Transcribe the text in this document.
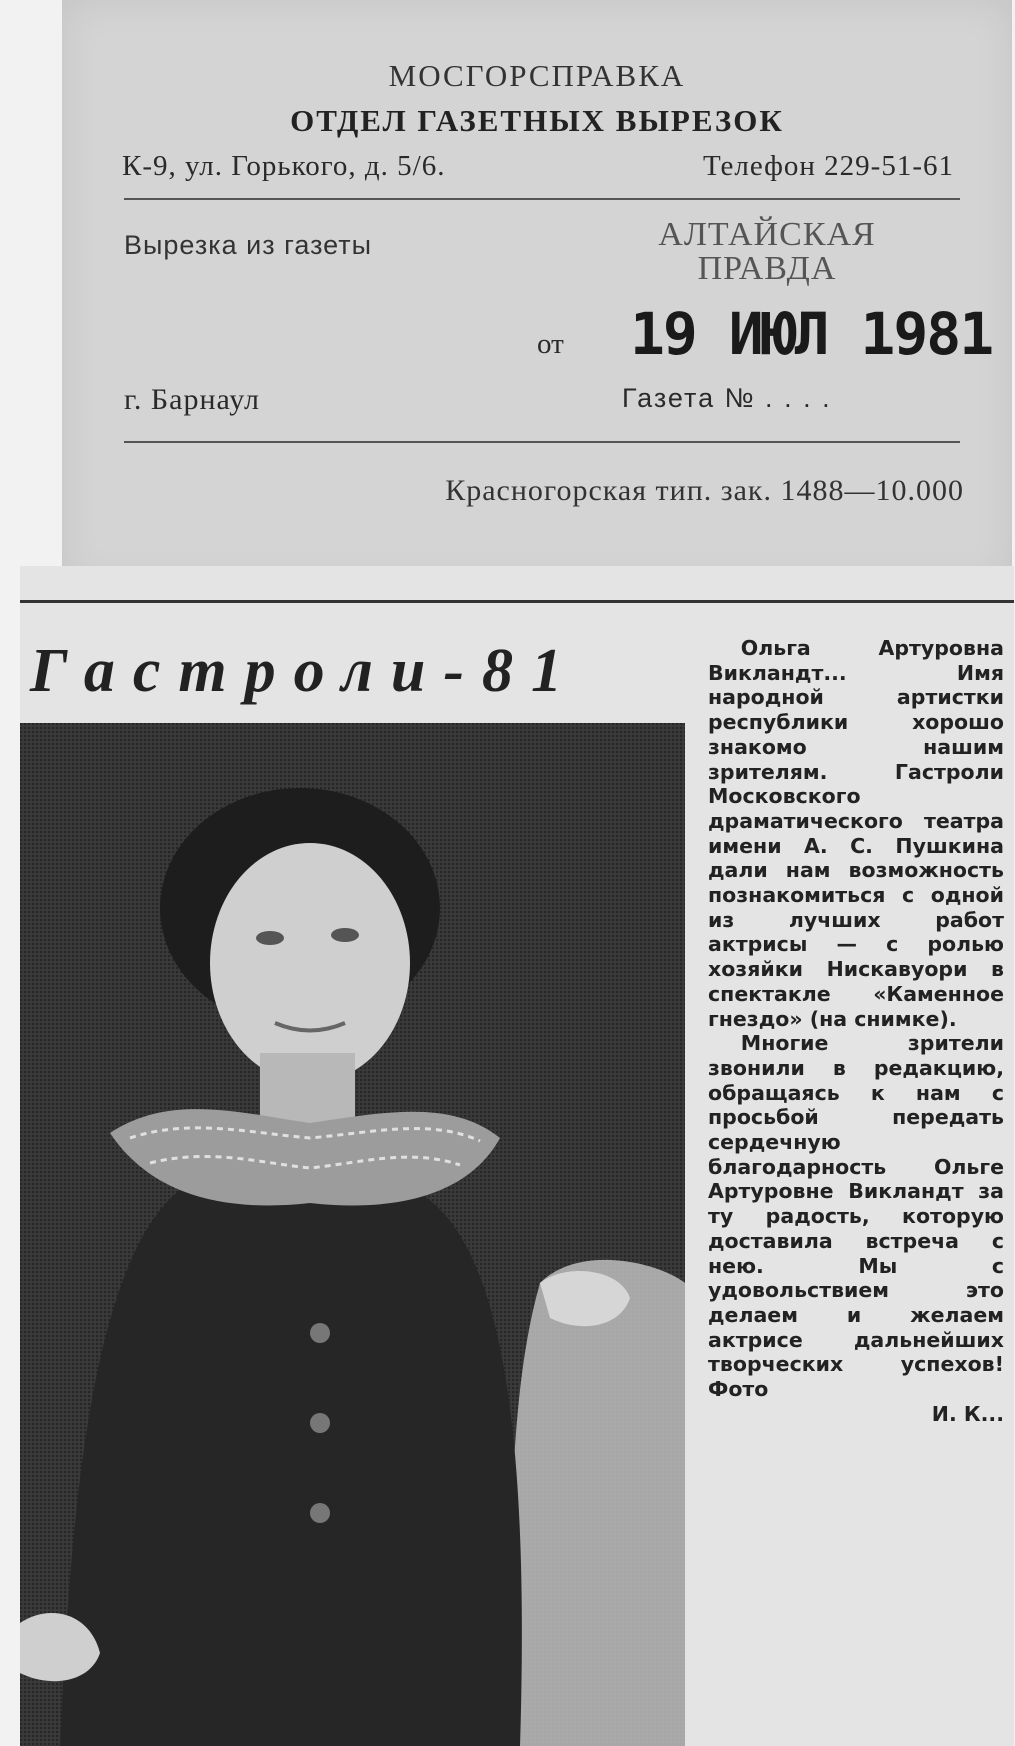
МОСГОРСПРАВКА
ОТДЕЛ ГАЗЕТНЫХ ВЫРЕЗОК
К-9, ул. Горького, д. 5/6.	Телефон 229-51-61
Вырезка из газеты	АЛТАЙСКАЯ ПРАВДА
от 19 ИЮЛ 1981
г. Барнаул	Газета № . . . .
Красногорская тип. зак. 1488—10.000
Гастроли-81	Ольга Артуровна Викландт... Имя народной артистки республики хорошо знакомо нашим зрителям. Гастроли Московского драматического театра имени А. С. Пушкина дали нам возможность познакомиться с одной из лучших работ актрисы — с ролью хозяйки Нискавуори в спектакле «Каменное гнездо» (на снимке).

Многие зрители звонили в редакцию, обращаясь к нам с просьбой передать сердечную благодарность Ольге Артуровне Викландт за ту радость, которую доставила встреча с нею. Мы с удовольствием это делаем и желаем актрисе дальнейших творческих успехов! Фото

И. К...
